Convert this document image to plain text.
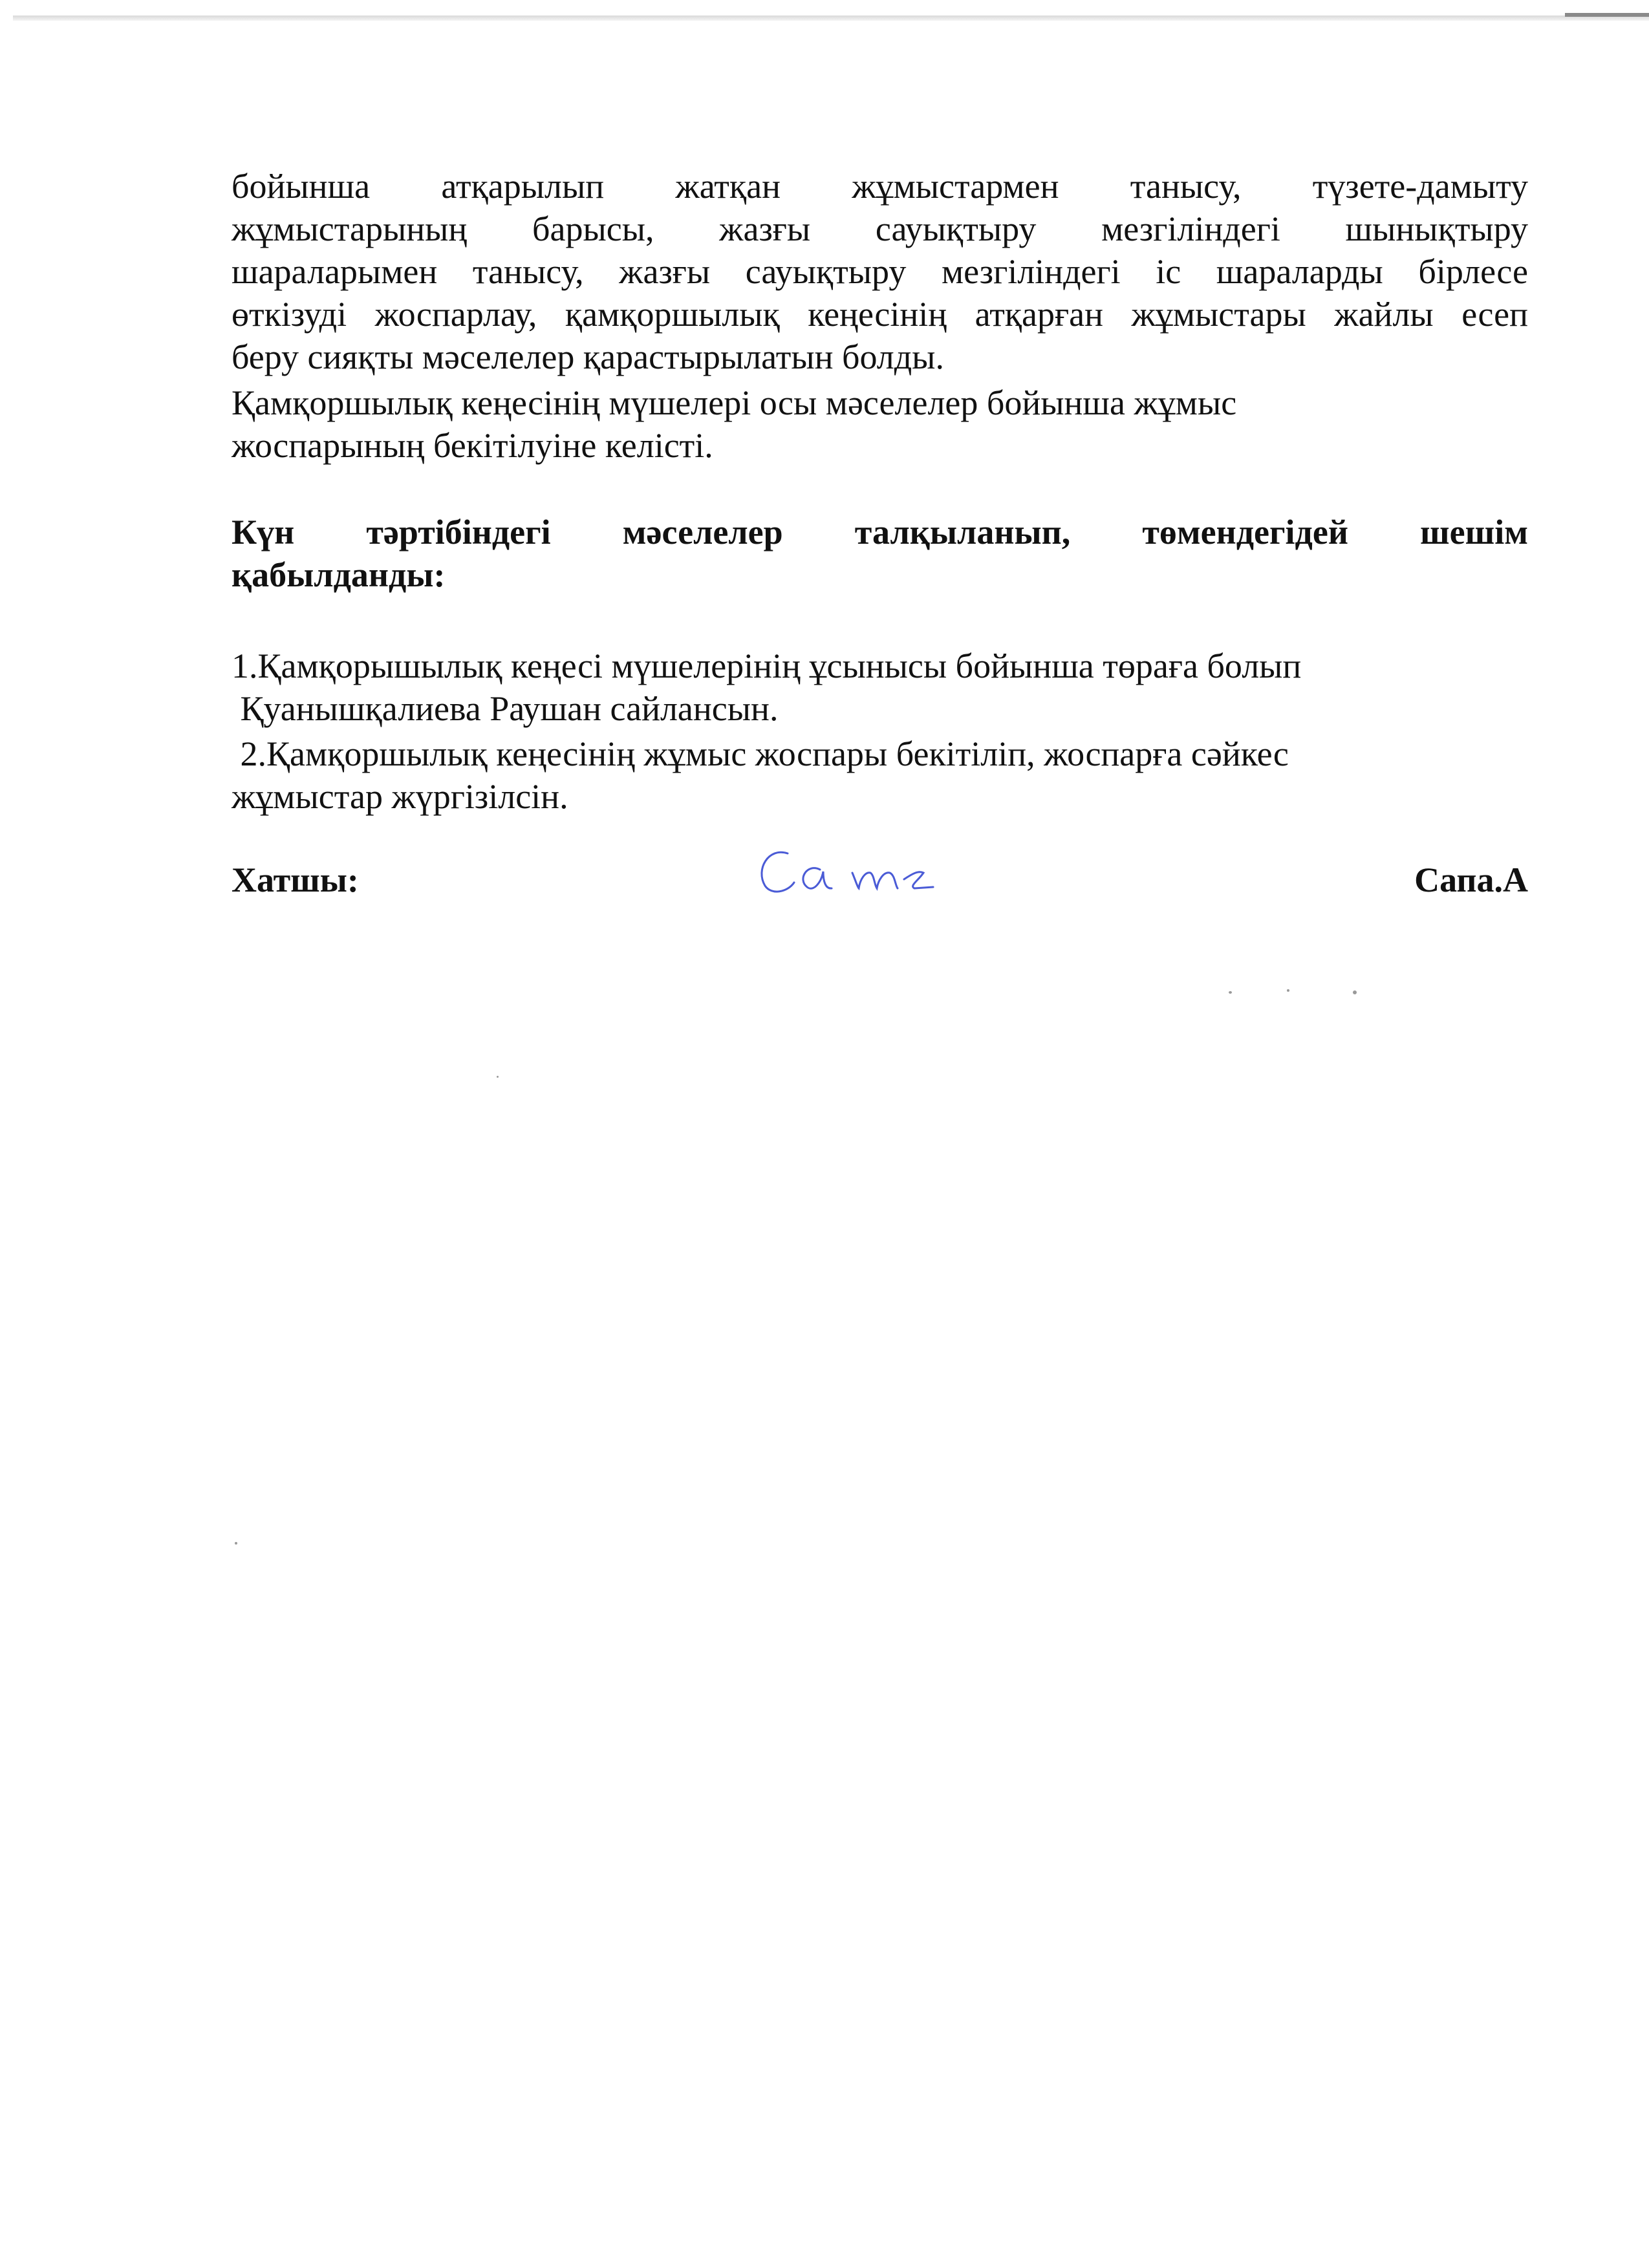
бойынша атқарылып жатқан жұмыстармен танысу, түзете-дамыту
жұмыстарының барысы, жазғы сауықтыру мезгіліндегі шынықтыру
шараларымен танысу, жазғы сауықтыру мезгіліндегі іс шараларды бірлесе
өткізуді жоспарлау, қамқоршылық кеңесінің атқарған жұмыстары жайлы есеп
беру сияқты мәселелер қарастырылатын болды.

Қамқоршылық кеңесінің мүшелері осы мәселелер бойынша жұмыс
жоспарының бекітілуіне келісті.

Күн тәртібіндегі мәселелер талқыланып, төмендегідей шешім
қабылданды:

1.Қамқорышылық кеңесі мүшелерінің ұсынысы бойынша төраға болып
Қуанышқалиева Раушан сайлансын.

2.Қамқоршылық кеңесінің жұмыс жоспары бекітіліп, жоспарға сәйкес
жұмыстар жүргізілсін.

Хатшы:	Сапа.А
